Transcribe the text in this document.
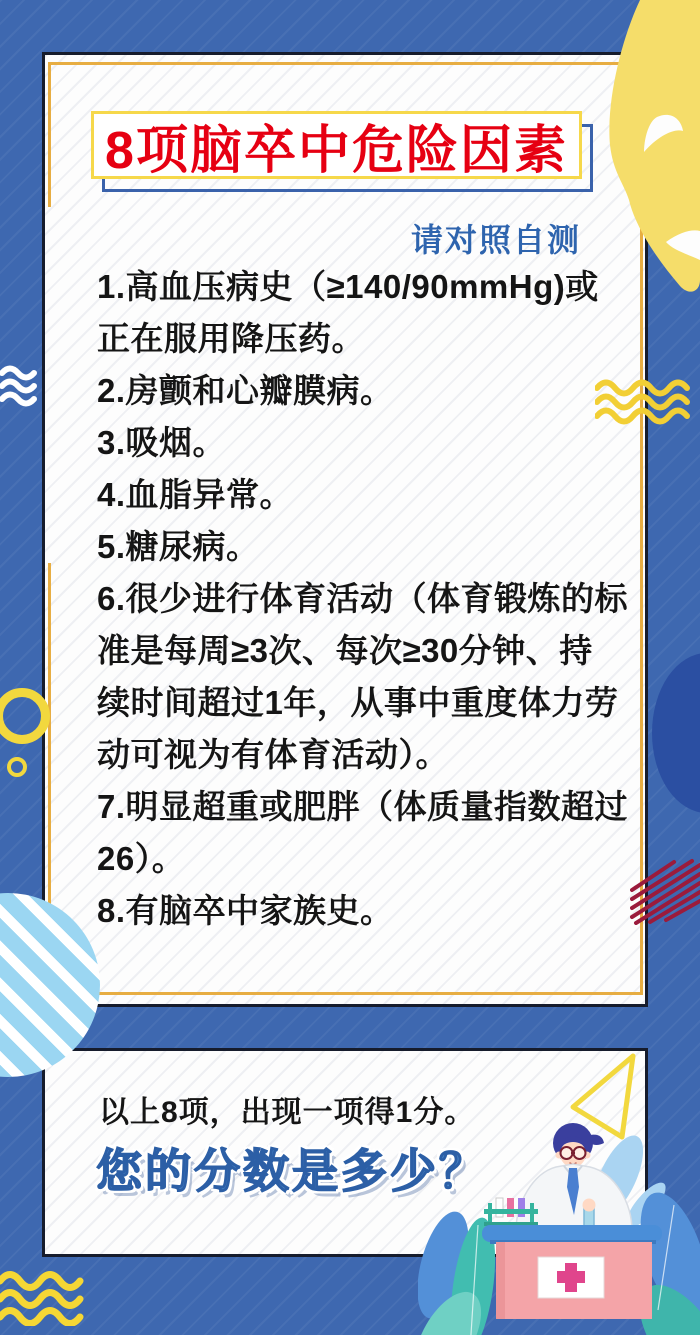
8项脑卒中危险因素
请对照自测
1.高血压病史（≥140/90mmHg)或
正在服用降压药。
2.房颤和心瓣膜病。
3.吸烟。
4.血脂异常。
5.糖尿病。
6.很少进行体育活动（体育锻炼的标
准是每周≥3次、每次≥30分钟、持
续时间超过1年，从事中重度体力劳
动可视为有体育活动）。
7.明显超重或肥胖（体质量指数超过
26）。
8.有脑卒中家族史。
以上8项，出现一项得1分。
您的分数是多少？
